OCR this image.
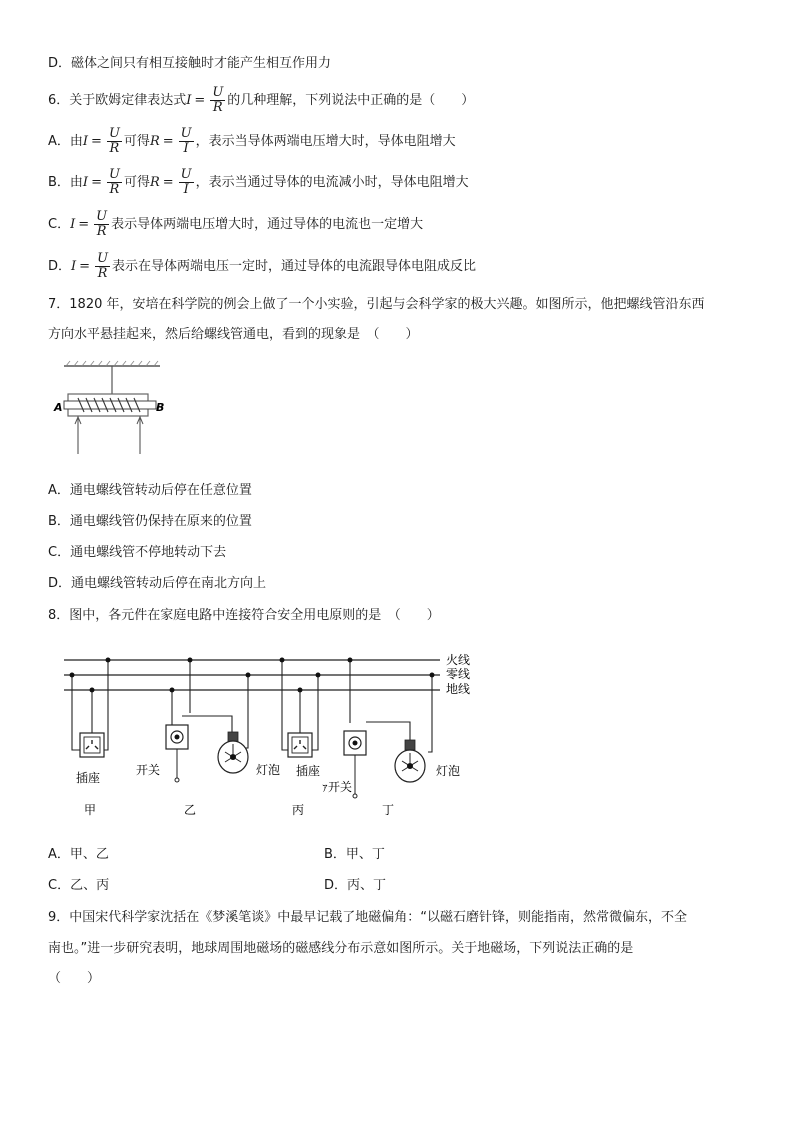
D．磁体之间只有相互接触时才能产生相互作用力
6．关于欧姆定律表达式$I = \frac{U}{R}$ 的几种理解，下列说法中正确的是（　　）
A．由$I = \frac{U}{R}$ 可得$R = \frac{U}{I}$ ，表示当导体两端电压增大时，导体电阻增大
B．由$I = \frac{U}{R}$ 可得$R = \frac{U}{I}$ ，表示当通过导体的电流减小时，导体电阻增大
C．$I = \frac{U}{R}$ 表示导体两端电压增大时，通过导体的电流也一定增大
D．$I = \frac{U}{R}$ 表示在导体两端电压一定时，通过导体的电流跟导体电阻成反比
7．1820 年，安培在科学院的例会上做了一个小实验，引起与会科学家的极大兴趣。如图所示，他把螺线管沿东西
方向水平悬挂起来，然后给螺线管通电，看到的现象是　（　　）
A	B
A．通电螺线管转动后停在任意位置
B．通电螺线管仍保持在原来的位置
C．通电螺线管不停地转动下去
D．通电螺线管转动后停在南北方向上
8．图中，各元件在家庭电路中连接符合安全用电原则的是　（　　）
火线
零线
地线
插座
开关	灯泡 插座
ｧ开关
灯泡
甲	乙	丙	丁
A．甲、乙	B．甲、丁
C．乙、丙	D．丙、丁
9．中国宋代科学家沈括在《梦溪笔谈》中最早记载了地磁偏角：“以磁石磨针锋，则能指南，然常微偏东，不全
南也。”进一步研究表明，地球周围地磁场的磁感线分布示意如图所示。关于地磁场，下列说法正确的是
（　　）
